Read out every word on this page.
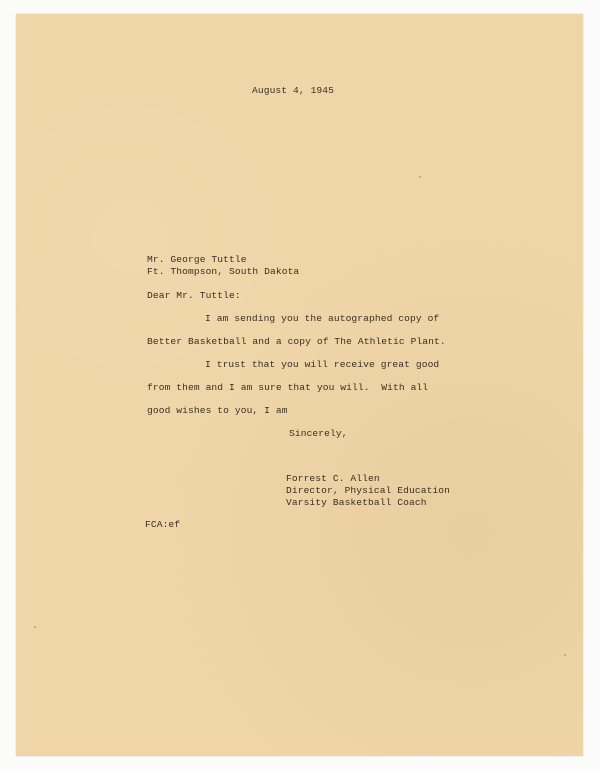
August 4, 1945
Mr. George Tuttle
Ft. Thompson, South Dakota
Dear Mr. Tuttle:
I am sending you the autographed copy of
Better Basketball and a copy of The Athletic Plant.
I trust that you will receive great good
from them and I am sure that you will.  With all
good wishes to you, I am
Sincerely,
Forrest C. Allen
Director, Physical Education
Varsity Basketball Coach
FCA:ef
